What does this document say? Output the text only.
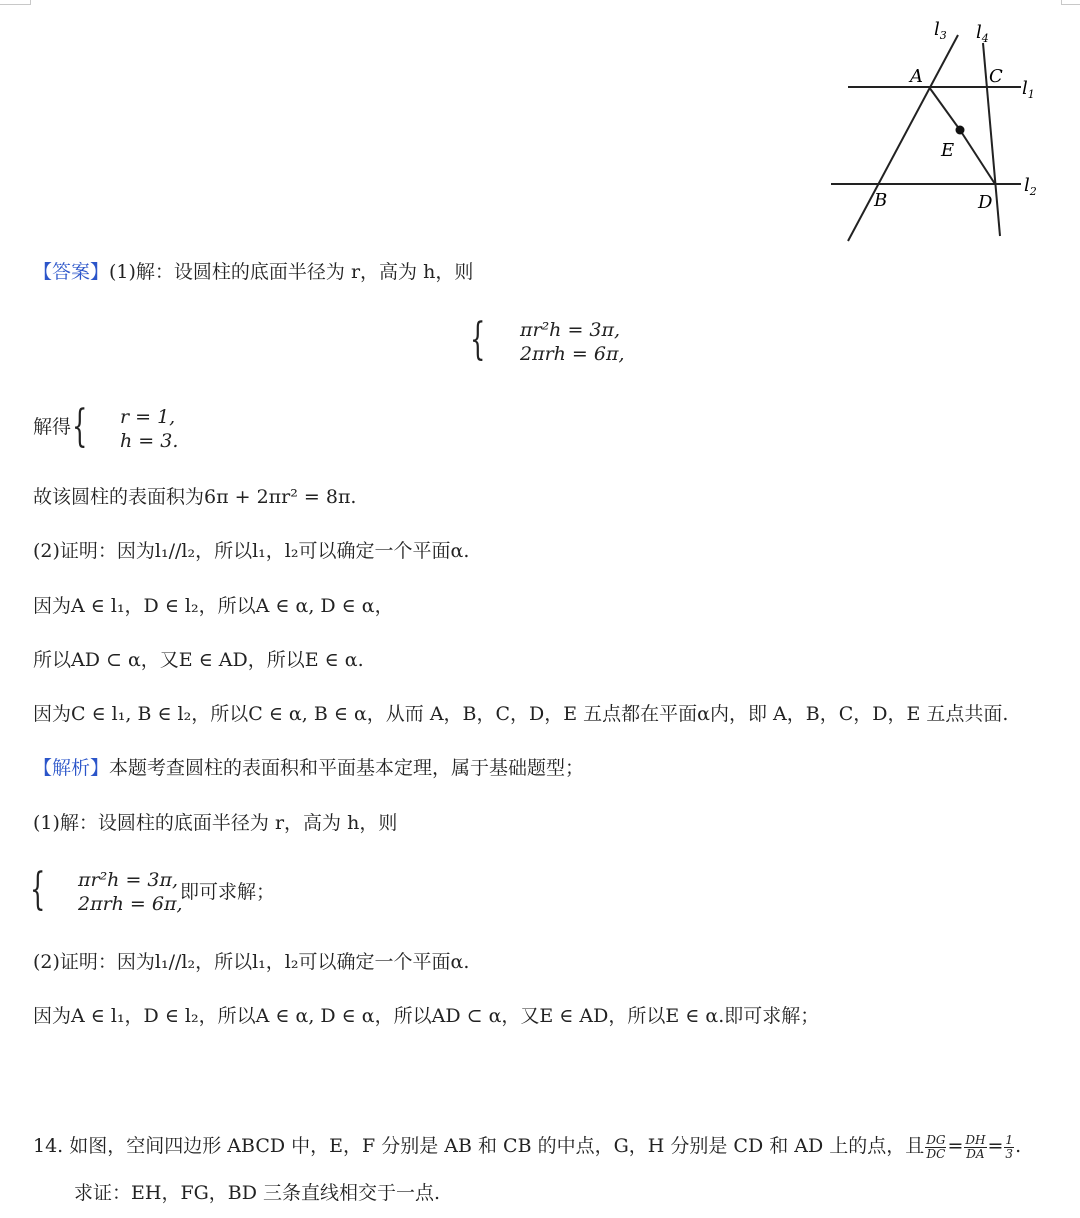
$l_3$ $l_4$
$l_1$
$l_2$
A	C
E
B	D
【答案】(1)解：设圆柱的底面半径为 r，高为 h，则
{ πr²h = 3π,
2πrh = 6π,
解得 { r = 1,
h = 3.
故该圆柱的表面积为6π + 2πr² = 8π.
(2)证明：因为l₁//l₂，所以l₁，l₂可以确定一个平面α.
因为A ∈ l₁，D ∈ l₂，所以A ∈ α, D ∈ α，
所以AD ⊂ α，又E ∈ AD，所以E ∈ α.
因为C ∈ l₁, B ∈ l₂，所以C ∈ α, B ∈ α，从而 A，B，C，D，E 五点都在平面α内，即 A，B，C，D，E 五点共面.
【解析】本题考查圆柱的表面积和平面基本定理，属于基础题型；
(1)解：设圆柱的底面半径为 r，高为 h，则
{ πr²h = 3π,
2πrh = 6π,
即可求解；
(2)证明：因为l₁//l₂，所以l₁，l₂可以确定一个平面α.
因为A ∈ l₁，D ∈ l₂，所以A ∈ α, D ∈ α，所以AD ⊂ α，又E ∈ AD，所以E ∈ α.即可求解；
14. 如图，空间四边形 ABCD 中，E，F 分别是 AB 和 CB 的中点，G，H 分别是 CD 和 AD 上的点，且 $\frac{DG}{DC} = \frac{DH}{DA} = \frac{1}{3}$ .
求证：EH，FG，BD 三条直线相交于一点.
